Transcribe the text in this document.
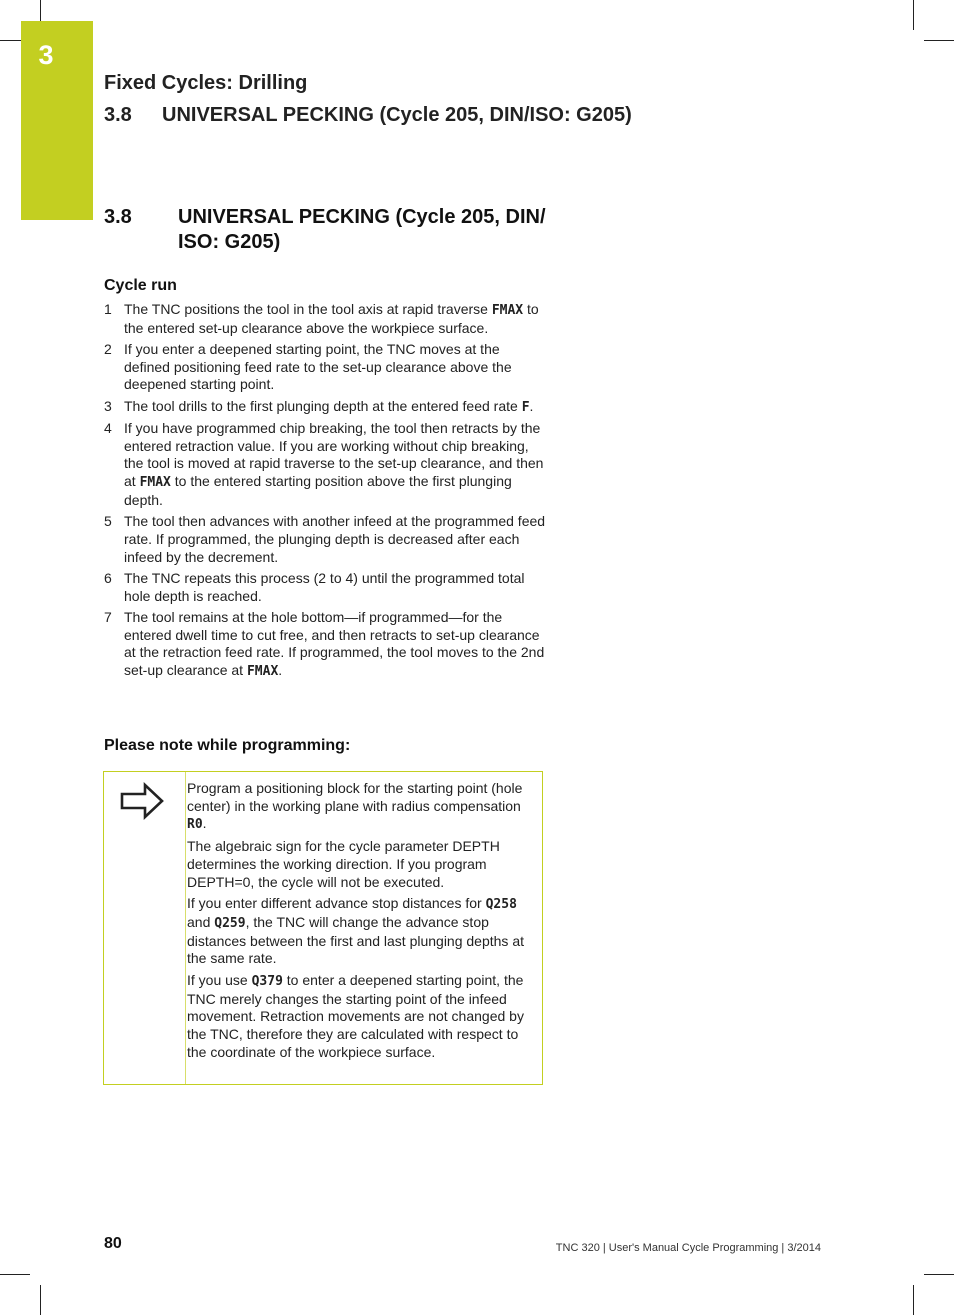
3
Fixed Cycles: Drilling
3.8 UNIVERSAL PECKING (Cycle 205, DIN/ISO: G205)
3.8 UNIVERSAL PECKING (Cycle 205, DIN/ ISO: G205)
Cycle run
1 The TNC positions the tool in the tool axis at rapid traverse FMAX to the entered set-up clearance above the workpiece surface.
2 If you enter a deepened starting point, the TNC moves at the defined positioning feed rate to the set-up clearance above the deepened starting point.
3 The tool drills to the first plunging depth at the entered feed rate F.
4 If you have programmed chip breaking, the tool then retracts by the entered retraction value. If you are working without chip breaking, the tool is moved at rapid traverse to the set-up clearance, and then at FMAX to the entered starting position above the first plunging depth.
5 The tool then advances with another infeed at the programmed feed rate. If programmed, the plunging depth is decreased after each infeed by the decrement.
6 The TNC repeats this process (2 to 4) until the programmed total hole depth is reached.
7 The tool remains at the hole bottom—if programmed—for the entered dwell time to cut free, and then retracts to set-up clearance at the retraction feed rate. If programmed, the tool moves to the 2nd set-up clearance at FMAX.
Please note while programming:

Program a positioning block for the starting point (hole center) in the working plane with radius compensation R0.

The algebraic sign for the cycle parameter DEPTH determines the working direction. If you program DEPTH=0, the cycle will not be executed.

If you enter different advance stop distances for Q258 and Q259, the TNC will change the advance stop distances between the first and last plunging depths at the same rate.

If you use Q379 to enter a deepened starting point, the TNC merely changes the starting point of the infeed movement. Retraction movements are not changed by the TNC, therefore they are calculated with respect to the coordinate of the workpiece surface.

80	TNC 320 | User's Manual Cycle Programming | 3/2014
